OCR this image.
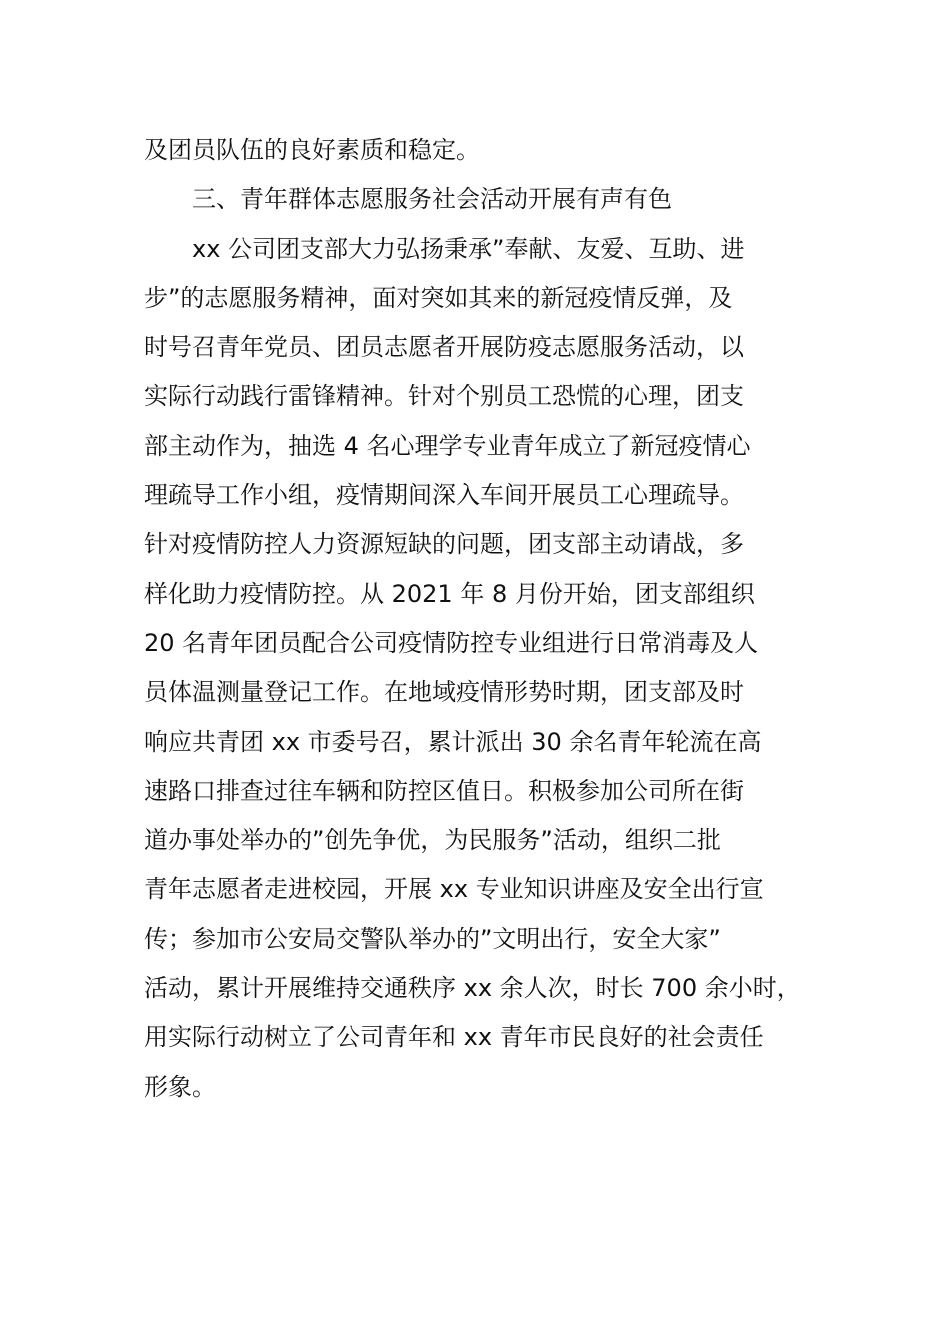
及团员队伍的良好素质和稳定。
三、青年群体志愿服务社会活动开展有声有色
xx 公司团支部大力弘扬秉承”奉献、友爱、互助、进
步”的志愿服务精神，面对突如其来的新冠疫情反弹，及
时号召青年党员、团员志愿者开展防疫志愿服务活动，以
实际行动践行雷锋精神。针对个别员工恐慌的心理，团支
部主动作为，抽选 4 名心理学专业青年成立了新冠疫情心
理疏导工作小组，疫情期间深入车间开展员工心理疏导。
针对疫情防控人力资源短缺的问题，团支部主动请战，多
样化助力疫情防控。从 2021 年 8 月份开始，团支部组织
20 名青年团员配合公司疫情防控专业组进行日常消毒及人
员体温测量登记工作。在地域疫情形势时期，团支部及时
响应共青团 xx 市委号召，累计派出 30 余名青年轮流在高
速路口排查过往车辆和防控区值日。积极参加公司所在街
道办事处举办的”创先争优，为民服务”活动，组织二批
青年志愿者走进校园，开展 xx 专业知识讲座及安全出行宣
传；参加市公安局交警队举办的”文明出行，安全大家”
活动，累计开展维持交通秩序 xx 余人次，时长 700 余小时，
用实际行动树立了公司青年和 xx 青年市民良好的社会责任
形象。
